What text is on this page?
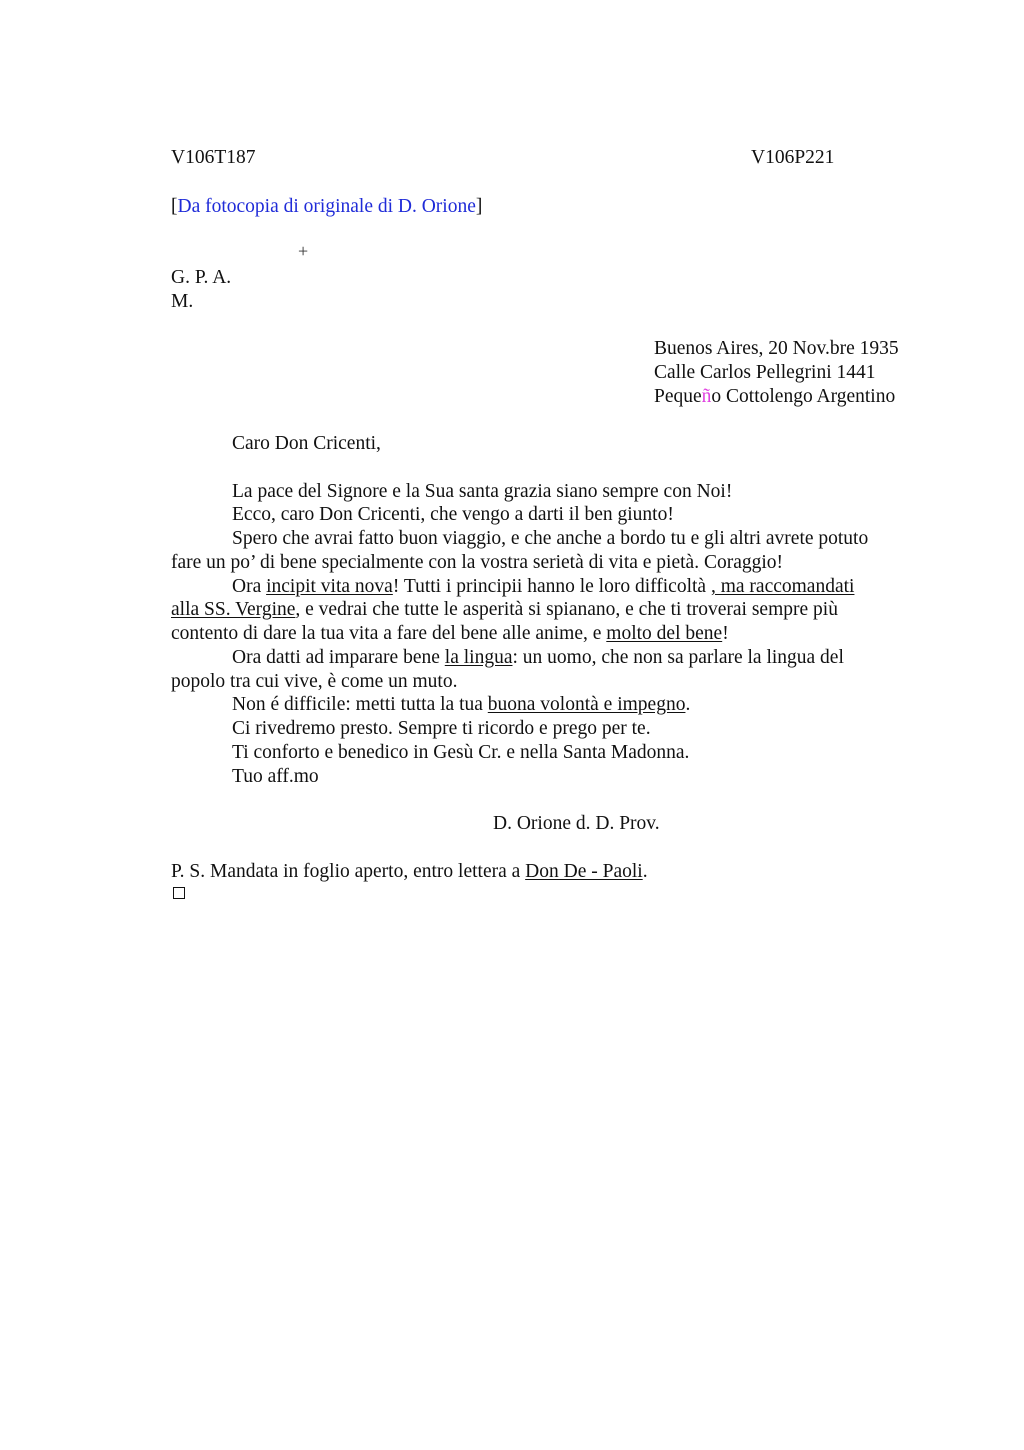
V106T187	V106P221
[Da fotocopia di originale di D. Orione]
+
G. P. A.
M.
Buenos Aires, 20 Nov.bre 1935
Calle Carlos Pellegrini 1441
Pequeño Cottolengo Argentino
Caro Don Cricenti,
La pace del Signore e la Sua santa grazia siano sempre con Noi!
Ecco, caro Don Cricenti, che vengo a darti il ben giunto!
Spero che avrai fatto buon viaggio, e che anche a bordo tu e gli altri avrete potuto
fare un po’ di bene specialmente con la vostra serietà di vita e pietà. Coraggio!
Ora incipit vita nova! Tutti i principii hanno le loro difficoltà , ma raccomandati
alla SS. Vergine, e vedrai che tutte le asperità si spianano, e che ti troverai sempre più
contento di dare la tua vita a fare del bene alle anime, e molto del bene!
Ora datti ad imparare bene la lingua: un uomo, che non sa parlare la lingua del
popolo tra cui vive, è come un muto.
Non é difficile: metti tutta la tua buona volontà e impegno.
Ci rivedremo presto. Sempre ti ricordo e prego per te.
Ti conforto e benedico in Gesù Cr. e nella Santa Madonna.
Tuo aff.mo
D. Orione d. D. Prov.
P. S. Mandata in foglio aperto, entro lettera a Don De - Paoli.
